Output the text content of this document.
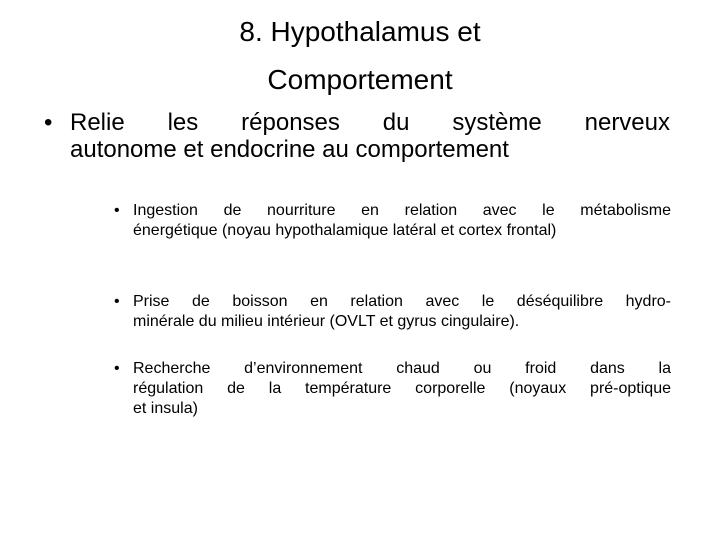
8. Hypothalamus et
Comportement
• Relie les réponses du système nerveux
autonome et endocrine au comportement
• Ingestion de nourriture en relation avec le métabolisme
énergétique (noyau hypothalamique latéral et cortex frontal)
• Prise de boisson en relation avec le déséquilibre hydro-
minérale du milieu intérieur (OVLT et gyrus cingulaire).
• Recherche d’environnement chaud ou froid dans la
régulation de la température corporelle (noyaux pré-optique
et insula)
